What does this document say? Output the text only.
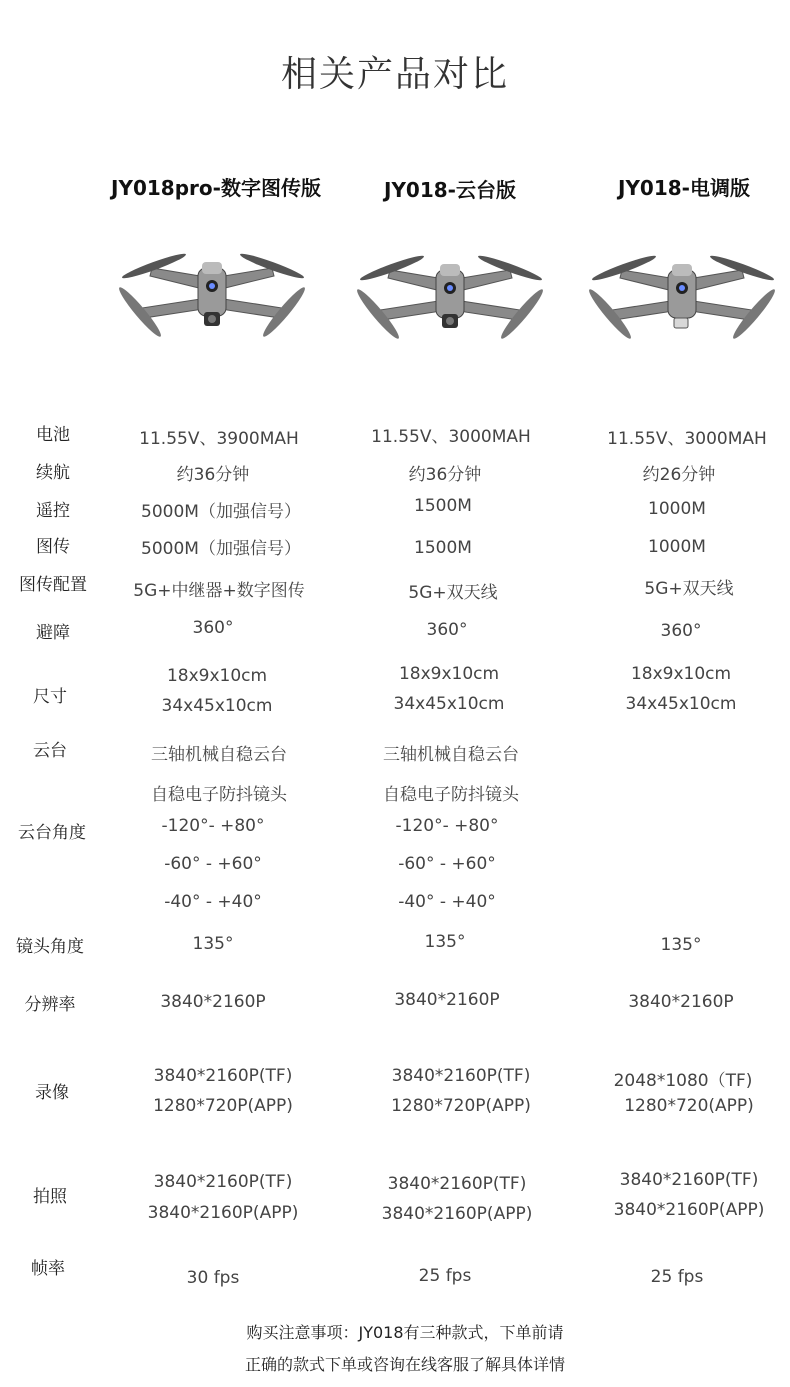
相关产品对比
JY018pro-数字图传版	JY018-云台版	JY018-电调版
电池
续航
遥控
图传
图传配置
避障
尺寸
云台
云台角度
镜头角度
分辨率
录像
拍照
帧率
11.55V、3900MAH
约36分钟
5000M（加强信号）
5000M（加强信号）
5G+中继器+数字图传
360°
18x9x10cm
34x45x10cm
三轴机械自稳云台
自稳电子防抖镜头
-120°- +80°
-60° - +60°
-40° - +40°
135°
3840*2160P
3840*2160P(TF)
1280*720P(APP)
3840*2160P(TF)
3840*2160P(APP)
30 fps
11.55V、3000MAH
约36分钟
1500M
1500M
5G+双天线
360°
18x9x10cm
34x45x10cm
三轴机械自稳云台
自稳电子防抖镜头
-120°- +80°
-60° - +60°
-40° - +40°
135°
3840*2160P
3840*2160P(TF)
1280*720P(APP)
3840*2160P(TF)
3840*2160P(APP)
25 fps
11.55V、3000MAH
约26分钟
1000M
1000M
5G+双天线
360°
18x9x10cm
34x45x10cm
135°
3840*2160P
2048*1080（TF)
1280*720(APP)
3840*2160P(TF)
3840*2160P(APP)
25 fps
购买注意事项：JY018有三种款式，下单前请
正确的款式下单或咨询在线客服了解具体详情
